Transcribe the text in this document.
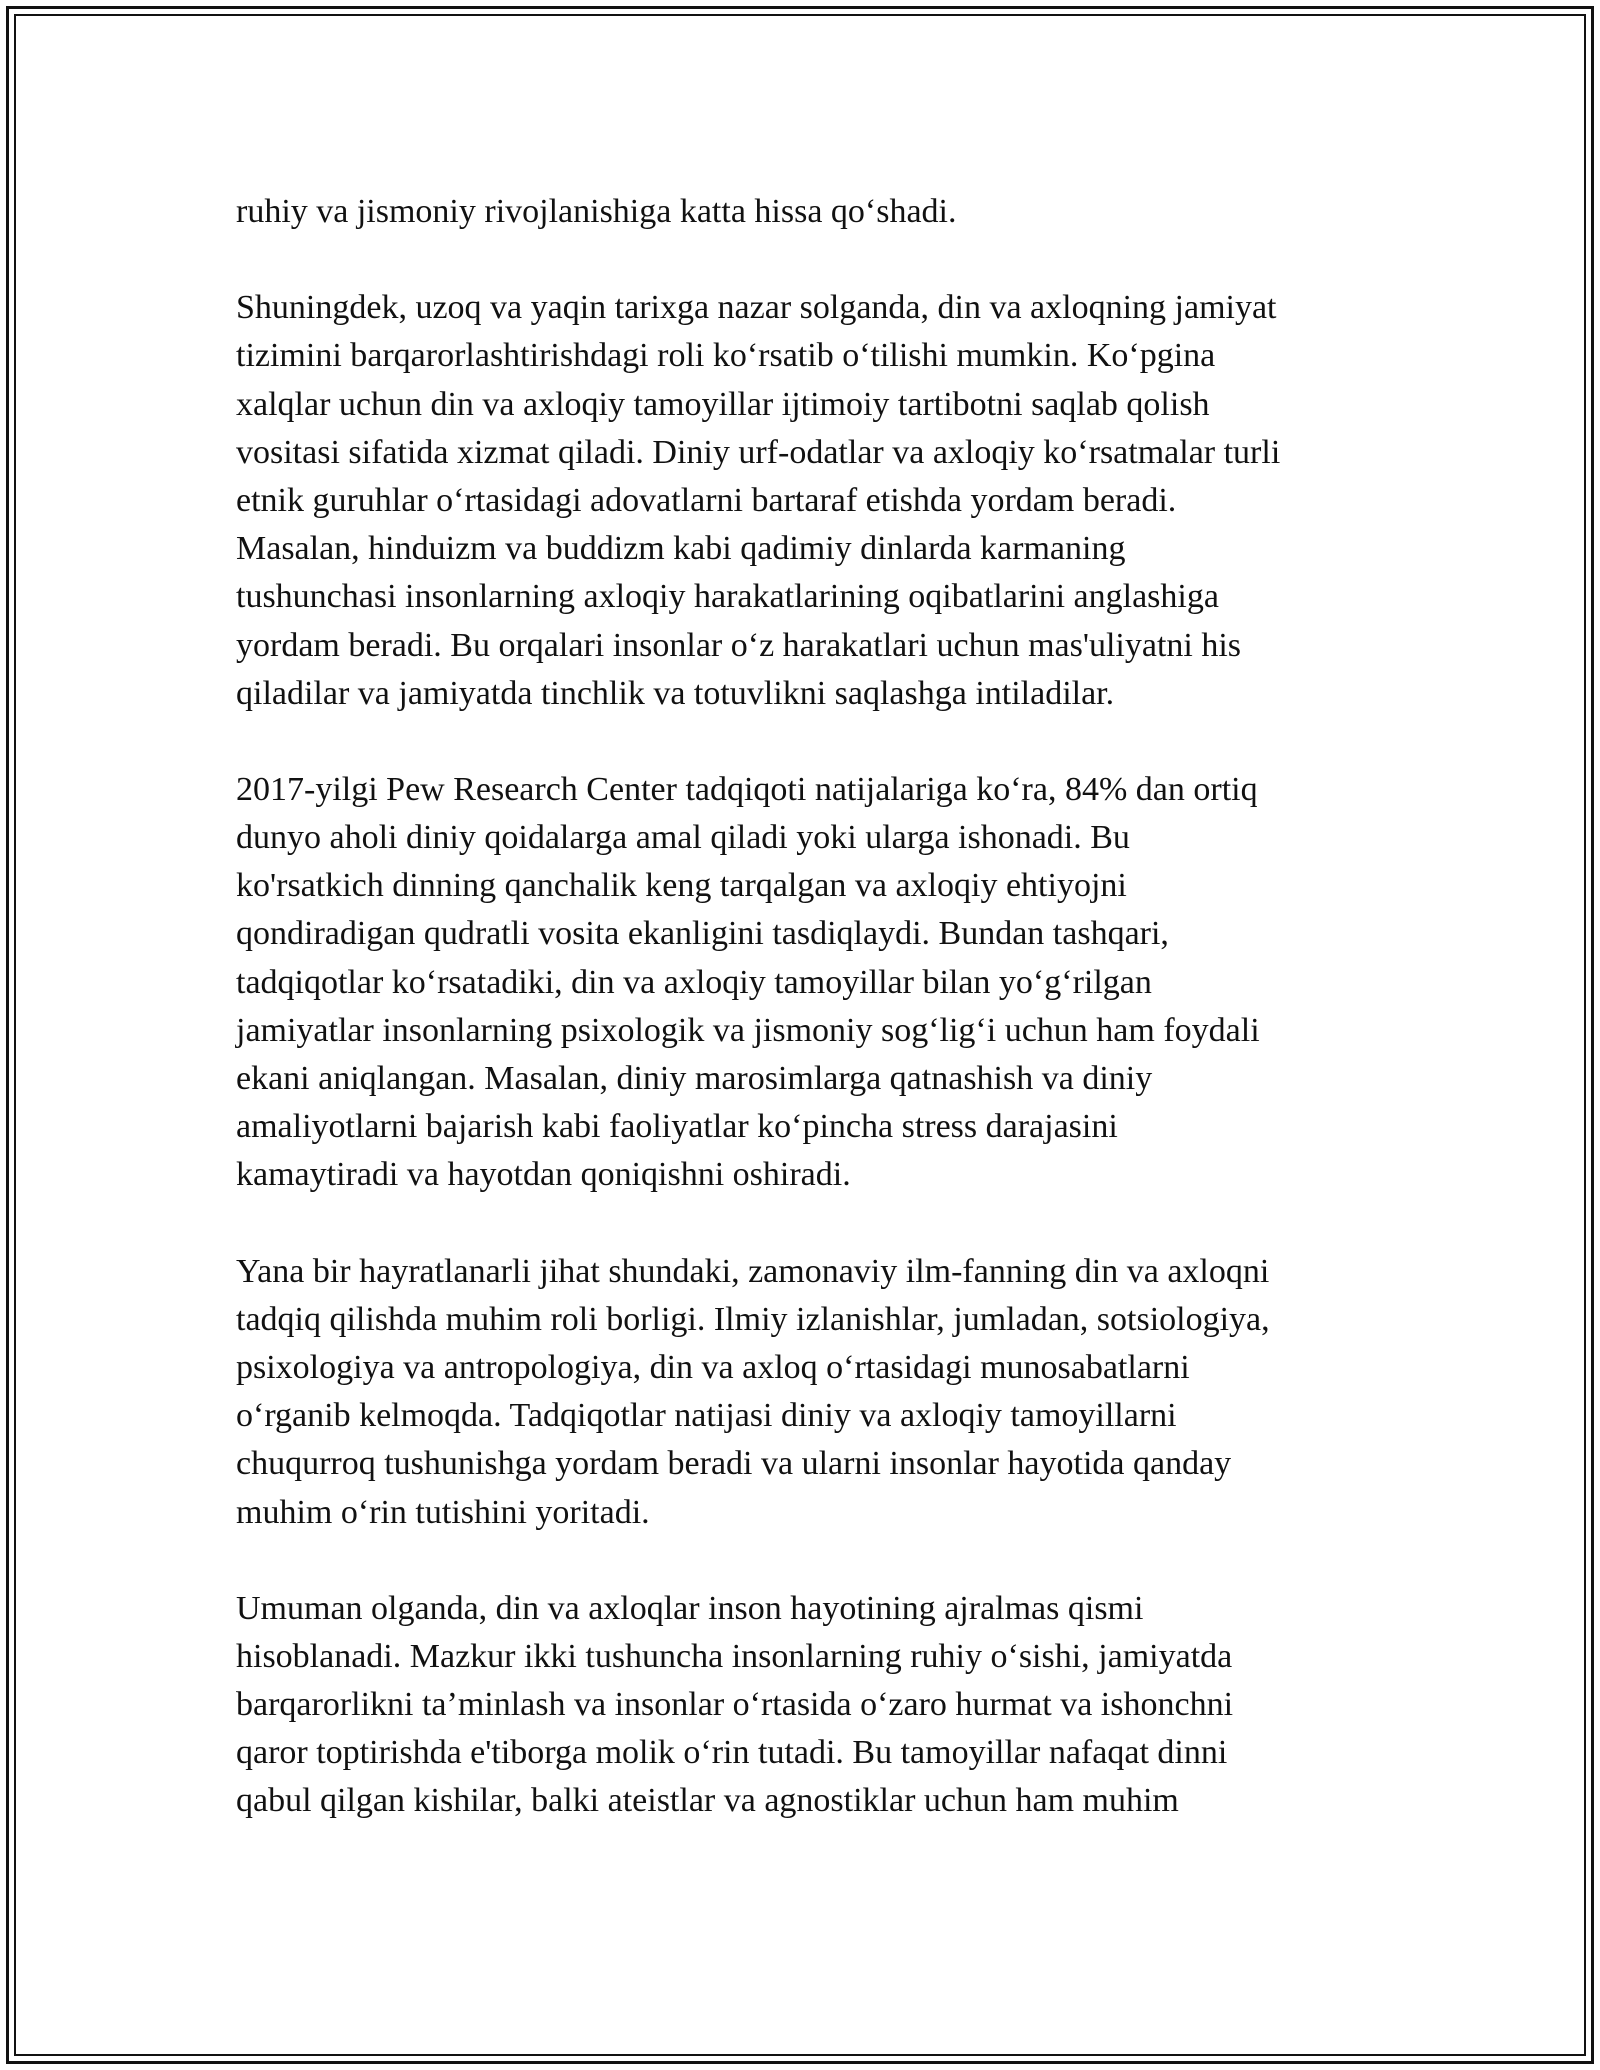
ruhiy va jismoniy rivojlanishiga katta hissa qo‘shadi.

Shuningdek, uzoq va yaqin tarixga nazar solganda, din va axloqning jamiyat
tizimini barqarorlashtirishdagi roli ko‘rsatib o‘tilishi mumkin. Ko‘pgina
xalqlar uchun din va axloqiy tamoyillar ijtimoiy tartibotni saqlab qolish
vositasi sifatida xizmat qiladi. Diniy urf-odatlar va axloqiy ko‘rsatmalar turli
etnik guruhlar o‘rtasidagi adovatlarni bartaraf etishda yordam beradi.
Masalan, hinduizm va buddizm kabi qadimiy dinlarda karmaning
tushunchasi insonlarning axloqiy harakatlarining oqibatlarini anglashiga
yordam beradi. Bu orqalari insonlar o‘z harakatlari uchun mas'uliyatni his
qiladilar va jamiyatda tinchlik va totuvlikni saqlashga intiladilar.

2017-yilgi Pew Research Center tadqiqoti natijalariga ko‘ra, 84% dan ortiq
dunyo aholi diniy qoidalarga amal qiladi yoki ularga ishonadi. Bu
ko'rsatkich dinning qanchalik keng tarqalgan va axloqiy ehtiyojni
qondiradigan qudratli vosita ekanligini tasdiqlaydi. Bundan tashqari,
tadqiqotlar ko‘rsatadiki, din va axloqiy tamoyillar bilan yo‘g‘rilgan
jamiyatlar insonlarning psixologik va jismoniy sog‘lig‘i uchun ham foydali
ekani aniqlangan. Masalan, diniy marosimlarga qatnashish va diniy
amaliyotlarni bajarish kabi faoliyatlar ko‘pincha stress darajasini
kamaytiradi va hayotdan qoniqishni oshiradi.

Yana bir hayratlanarli jihat shundaki, zamonaviy ilm-fanning din va axloqni
tadqiq qilishda muhim roli borligi. Ilmiy izlanishlar, jumladan, sotsiologiya,
psixologiya va antropologiya, din va axloq o‘rtasidagi munosabatlarni
o‘rganib kelmoqda. Tadqiqotlar natijasi diniy va axloqiy tamoyillarni
chuqurroq tushunishga yordam beradi va ularni insonlar hayotida qanday
muhim o‘rin tutishini yoritadi.

Umuman olganda, din va axloqlar inson hayotining ajralmas qismi
hisoblanadi. Mazkur ikki tushuncha insonlarning ruhiy o‘sishi, jamiyatda
barqarorlikni ta’minlash va insonlar o‘rtasida o‘zaro hurmat va ishonchni
qaror toptirishda e'tiborga molik o‘rin tutadi. Bu tamoyillar nafaqat dinni
qabul qilgan kishilar, balki ateistlar va agnostiklar uchun ham muhim
